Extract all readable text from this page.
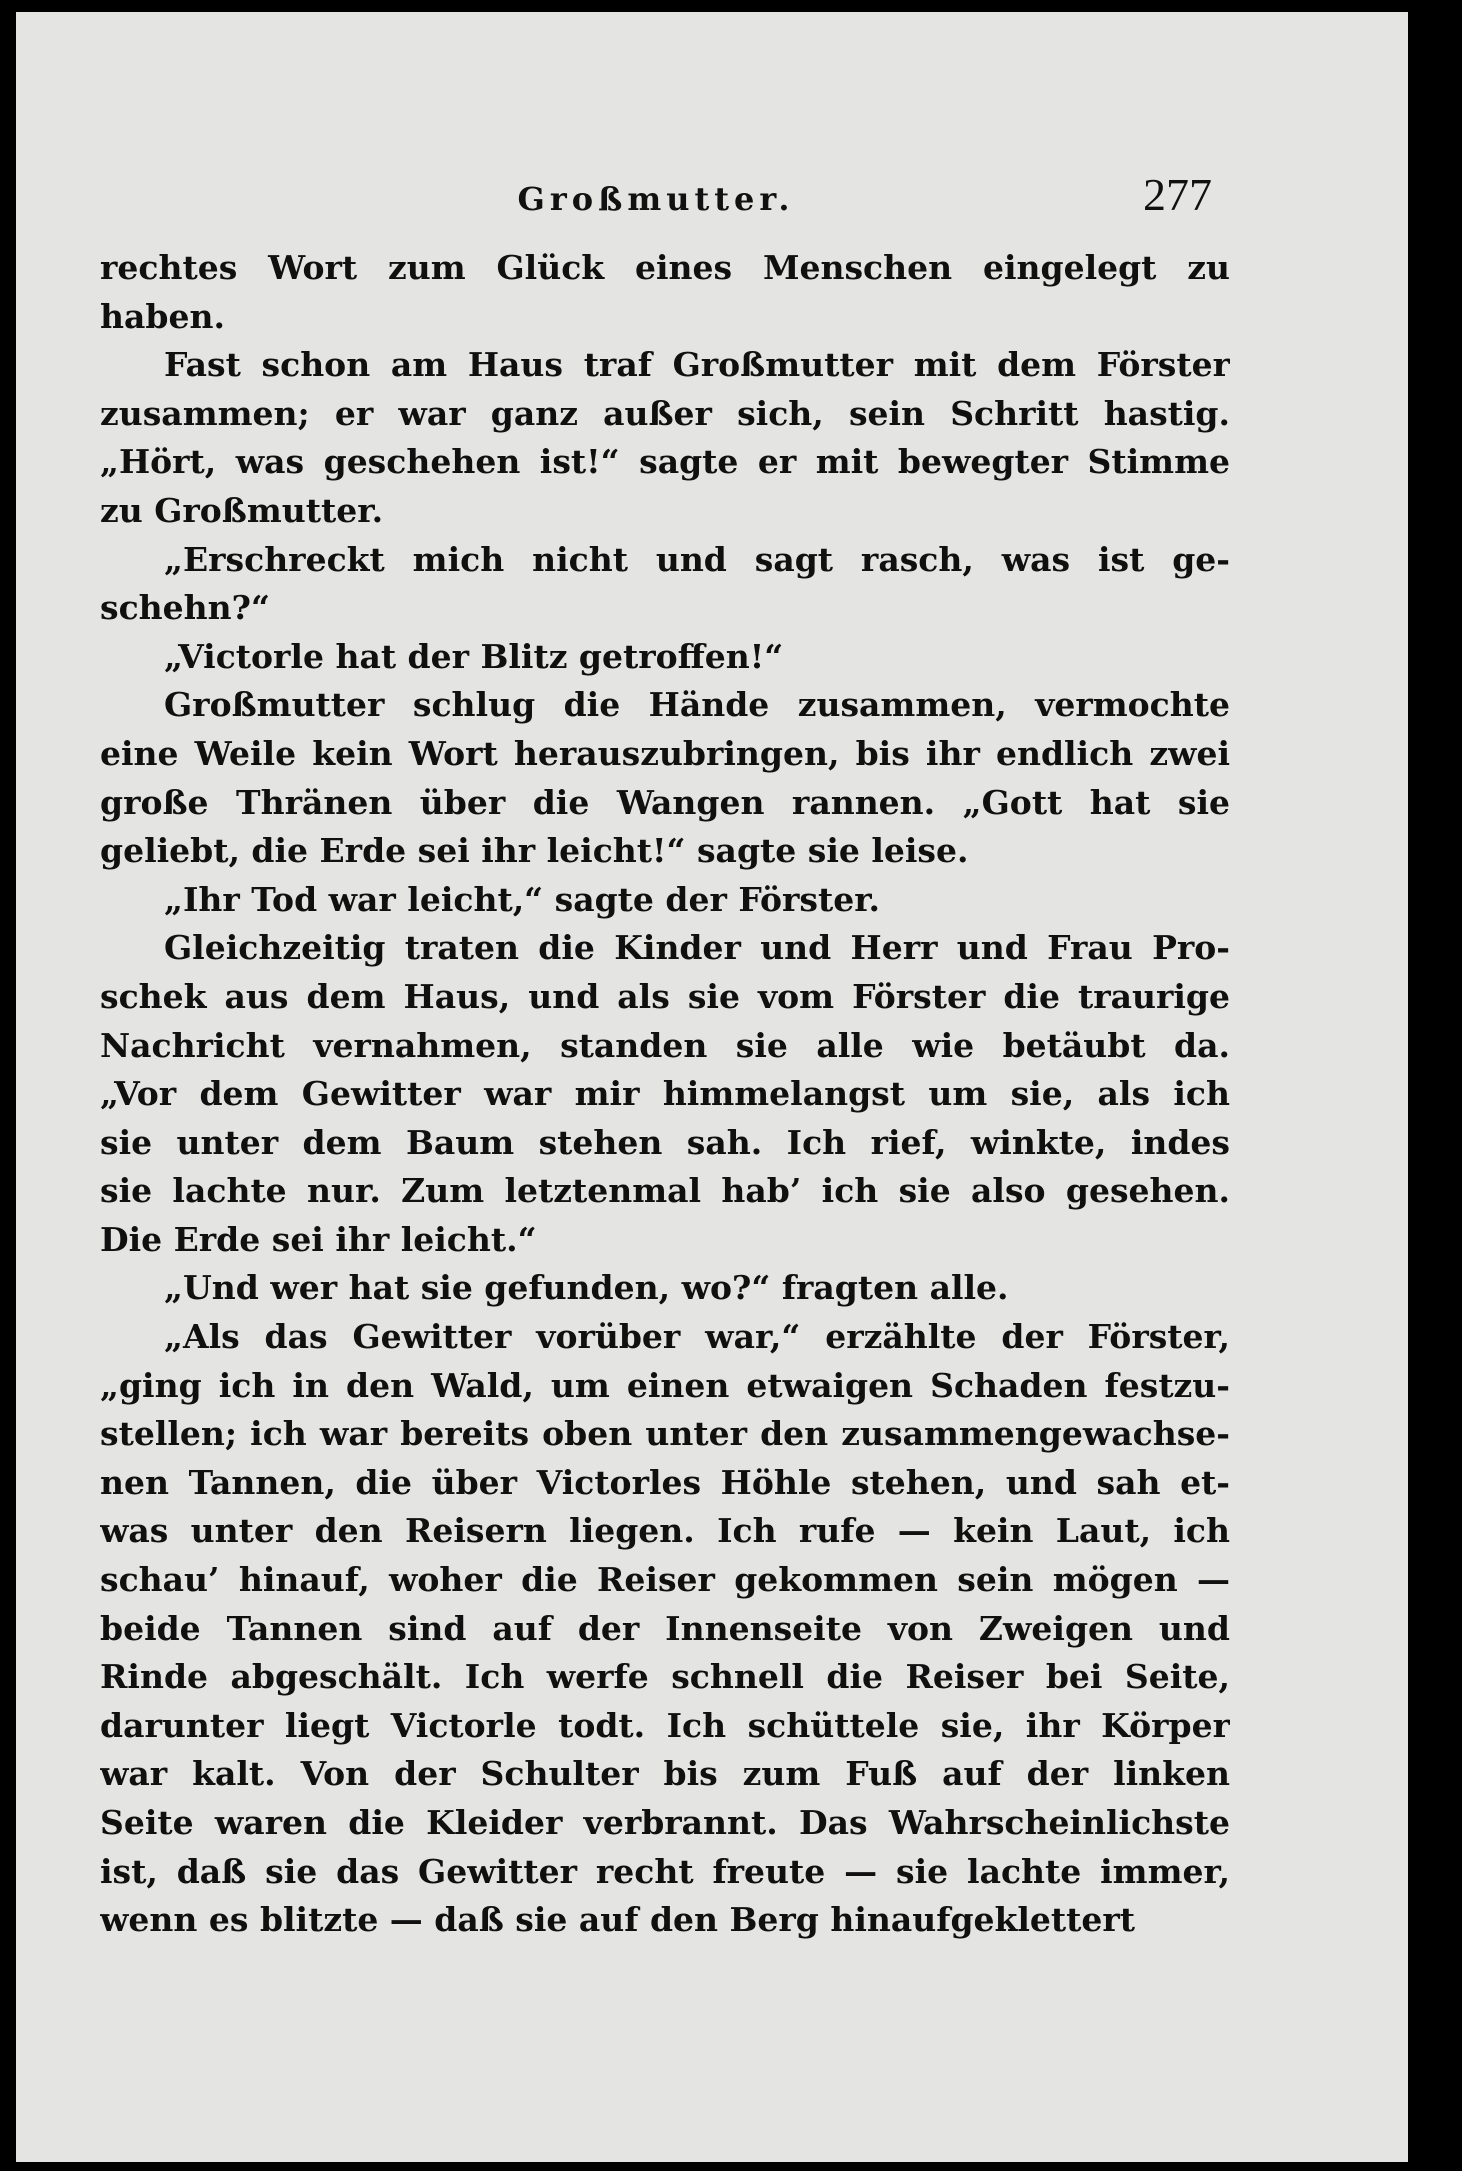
Großmutter.	277
rechtes Wort zum Glück eines Menschen eingelegt zu
haben.
Fast schon am Haus traf Großmutter mit dem Förster
zusammen; er war ganz außer sich, sein Schritt hastig.
„Hört, was geschehen ist!“ sagte er mit bewegter Stimme
zu Großmutter.
„Erschreckt mich nicht und sagt rasch, was ist ge-
schehn?“
„Victorle hat der Blitz getroffen!“
Großmutter schlug die Hände zusammen, vermochte
eine Weile kein Wort herauszubringen, bis ihr endlich zwei
große Thränen über die Wangen rannen. „Gott hat sie
geliebt, die Erde sei ihr leicht!“ sagte sie leise.
„Ihr Tod war leicht,“ sagte der Förster.
Gleichzeitig traten die Kinder und Herr und Frau Pro-
schek aus dem Haus, und als sie vom Förster die traurige
Nachricht vernahmen, standen sie alle wie betäubt da.
„Vor dem Gewitter war mir himmelangst um sie, als ich
sie unter dem Baum stehen sah. Ich rief, winkte, indes
sie lachte nur. Zum letztenmal hab’ ich sie also gesehen.
Die Erde sei ihr leicht.“
„Und wer hat sie gefunden, wo?“ fragten alle.
„Als das Gewitter vorüber war,“ erzählte der Förster,
„ging ich in den Wald, um einen etwaigen Schaden festzu-
stellen; ich war bereits oben unter den zusammengewachse-
nen Tannen, die über Victorles Höhle stehen, und sah et-
was unter den Reisern liegen. Ich rufe — kein Laut, ich
schau’ hinauf, woher die Reiser gekommen sein mögen —
beide Tannen sind auf der Innenseite von Zweigen und
Rinde abgeschält. Ich werfe schnell die Reiser bei Seite,
darunter liegt Victorle todt. Ich schüttele sie, ihr Körper
war kalt. Von der Schulter bis zum Fuß auf der linken
Seite waren die Kleider verbrannt. Das Wahrscheinlichste
ist, daß sie das Gewitter recht freute — sie lachte immer,
wenn es blitzte — daß sie auf den Berg hinaufgeklettert
